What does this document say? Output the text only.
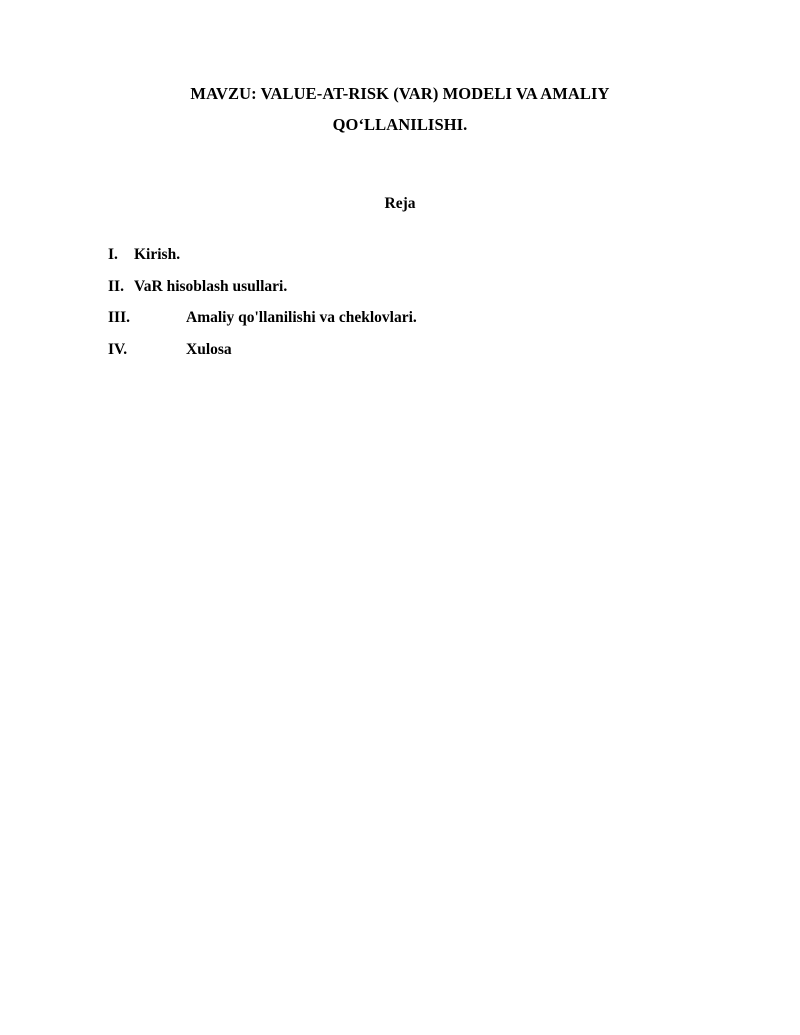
MAVZU: VALUE-AT-RISK (VAR) MODELI VA AMALIY
QO‘LLANILISHI.
Reja
I.	Kirish.
II. VaR hisoblash usullari.
III.	Amaliy qo'llanilishi va cheklovlari.
IV.	Xulosa
